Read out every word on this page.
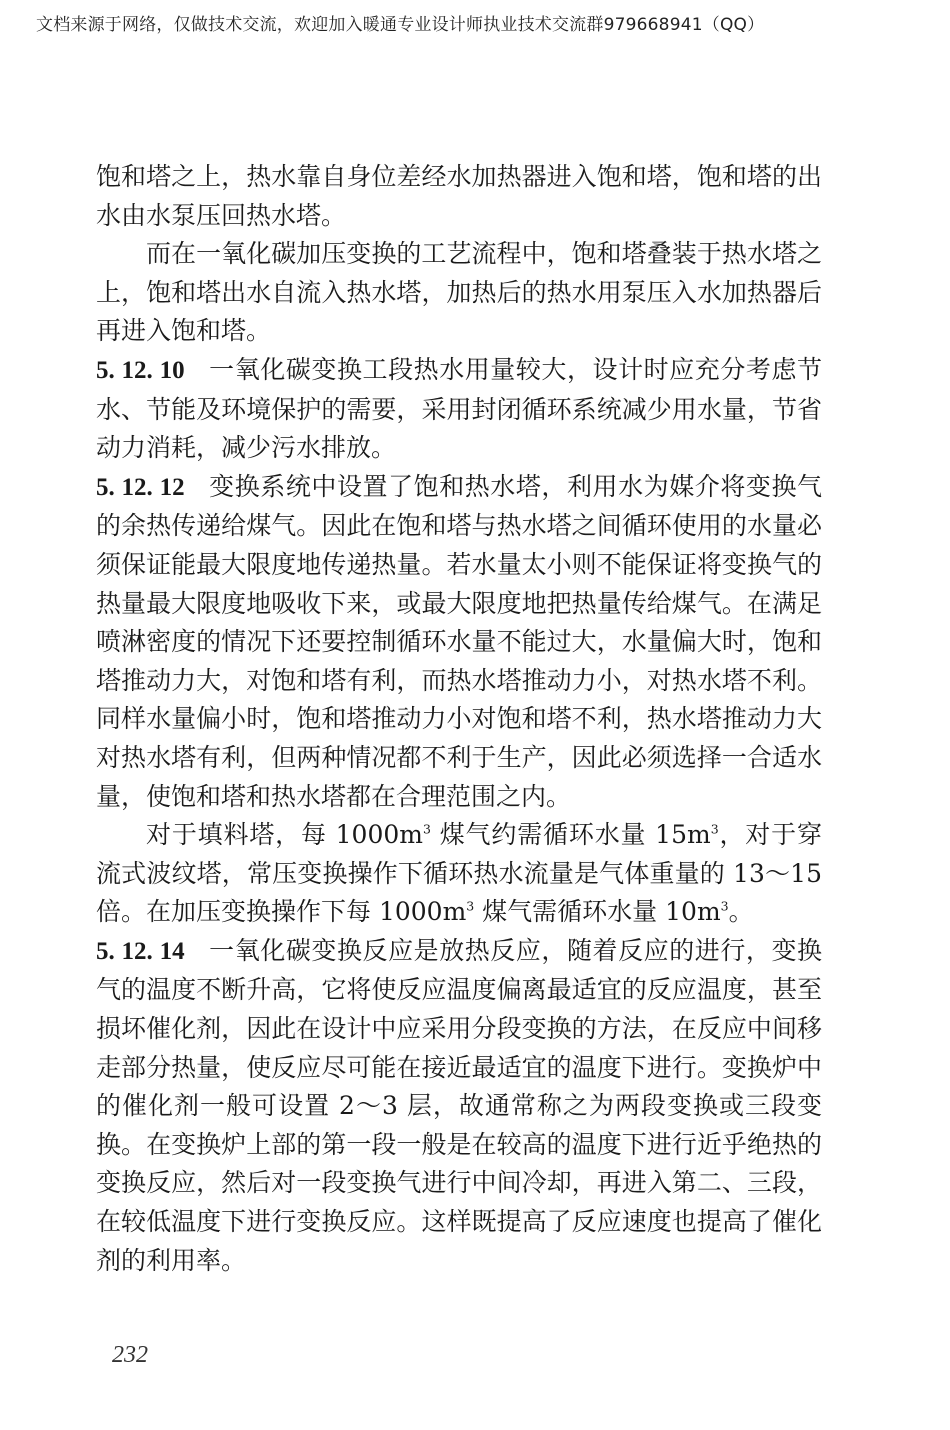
文档来源于网络，仅做技术交流，欢迎加入暖通专业设计师执业技术交流群979668941（QQ）

饱和塔之上，热水靠自身位差经水加热器进入饱和塔，饱和塔的出水由水泵压回热水塔。

而在一氧化碳加压变换的工艺流程中，饱和塔叠装于热水塔之上，饱和塔出水自流入热水塔，加热后的热水用泵压入水加热器后再进入饱和塔。

5. 12. 10 一氧化碳变换工段热水用量较大，设计时应充分考虑节水、节能及环境保护的需要，采用封闭循环系统减少用水量，节省动力消耗，减少污水排放。

5. 12. 12 变换系统中设置了饱和热水塔，利用水为媒介将变换气的余热传递给煤气。因此在饱和塔与热水塔之间循环使用的水量必须保证能最大限度地传递热量。若水量太小则不能保证将变换气的热量最大限度地吸收下来，或最大限度地把热量传给煤气。在满足喷淋密度的情况下还要控制循环水量不能过大，水量偏大时，饱和塔推动力大，对饱和塔有利，而热水塔推动力小，对热水塔不利。同样水量偏小时，饱和塔推动力小对饱和塔不利，热水塔推动力大对热水塔有利，但两种情况都不利于生产，因此必须选择一合适水量，使饱和塔和热水塔都在合理范围之内。

对于填料塔，每 $1000m^3$ 煤气约需循环水量 $15m^3$，对于穿流式波纹塔，常压变换操作下循环热水流量是气体重量的 13～15 倍。在加压变换操作下每 $1000m^3$ 煤气需循环水量 $10m^3$。

5. 12. 14 一氧化碳变换反应是放热反应，随着反应的进行，变换气的温度不断升高，它将使反应温度偏离最适宜的反应温度，甚至损坏催化剂，因此在设计中应采用分段变换的方法，在反应中间移走部分热量，使反应尽可能在接近最适宜的温度下进行。变换炉中的催化剂一般可设置 2～3 层，故通常称之为两段变换或三段变换。在变换炉上部的第一段一般是在较高的温度下进行近乎绝热的变换反应，然后对一段变换气进行中间冷却，再进入第二、三段，在较低温度下进行变换反应。这样既提高了反应速度也提高了催化剂的利用率。

232
